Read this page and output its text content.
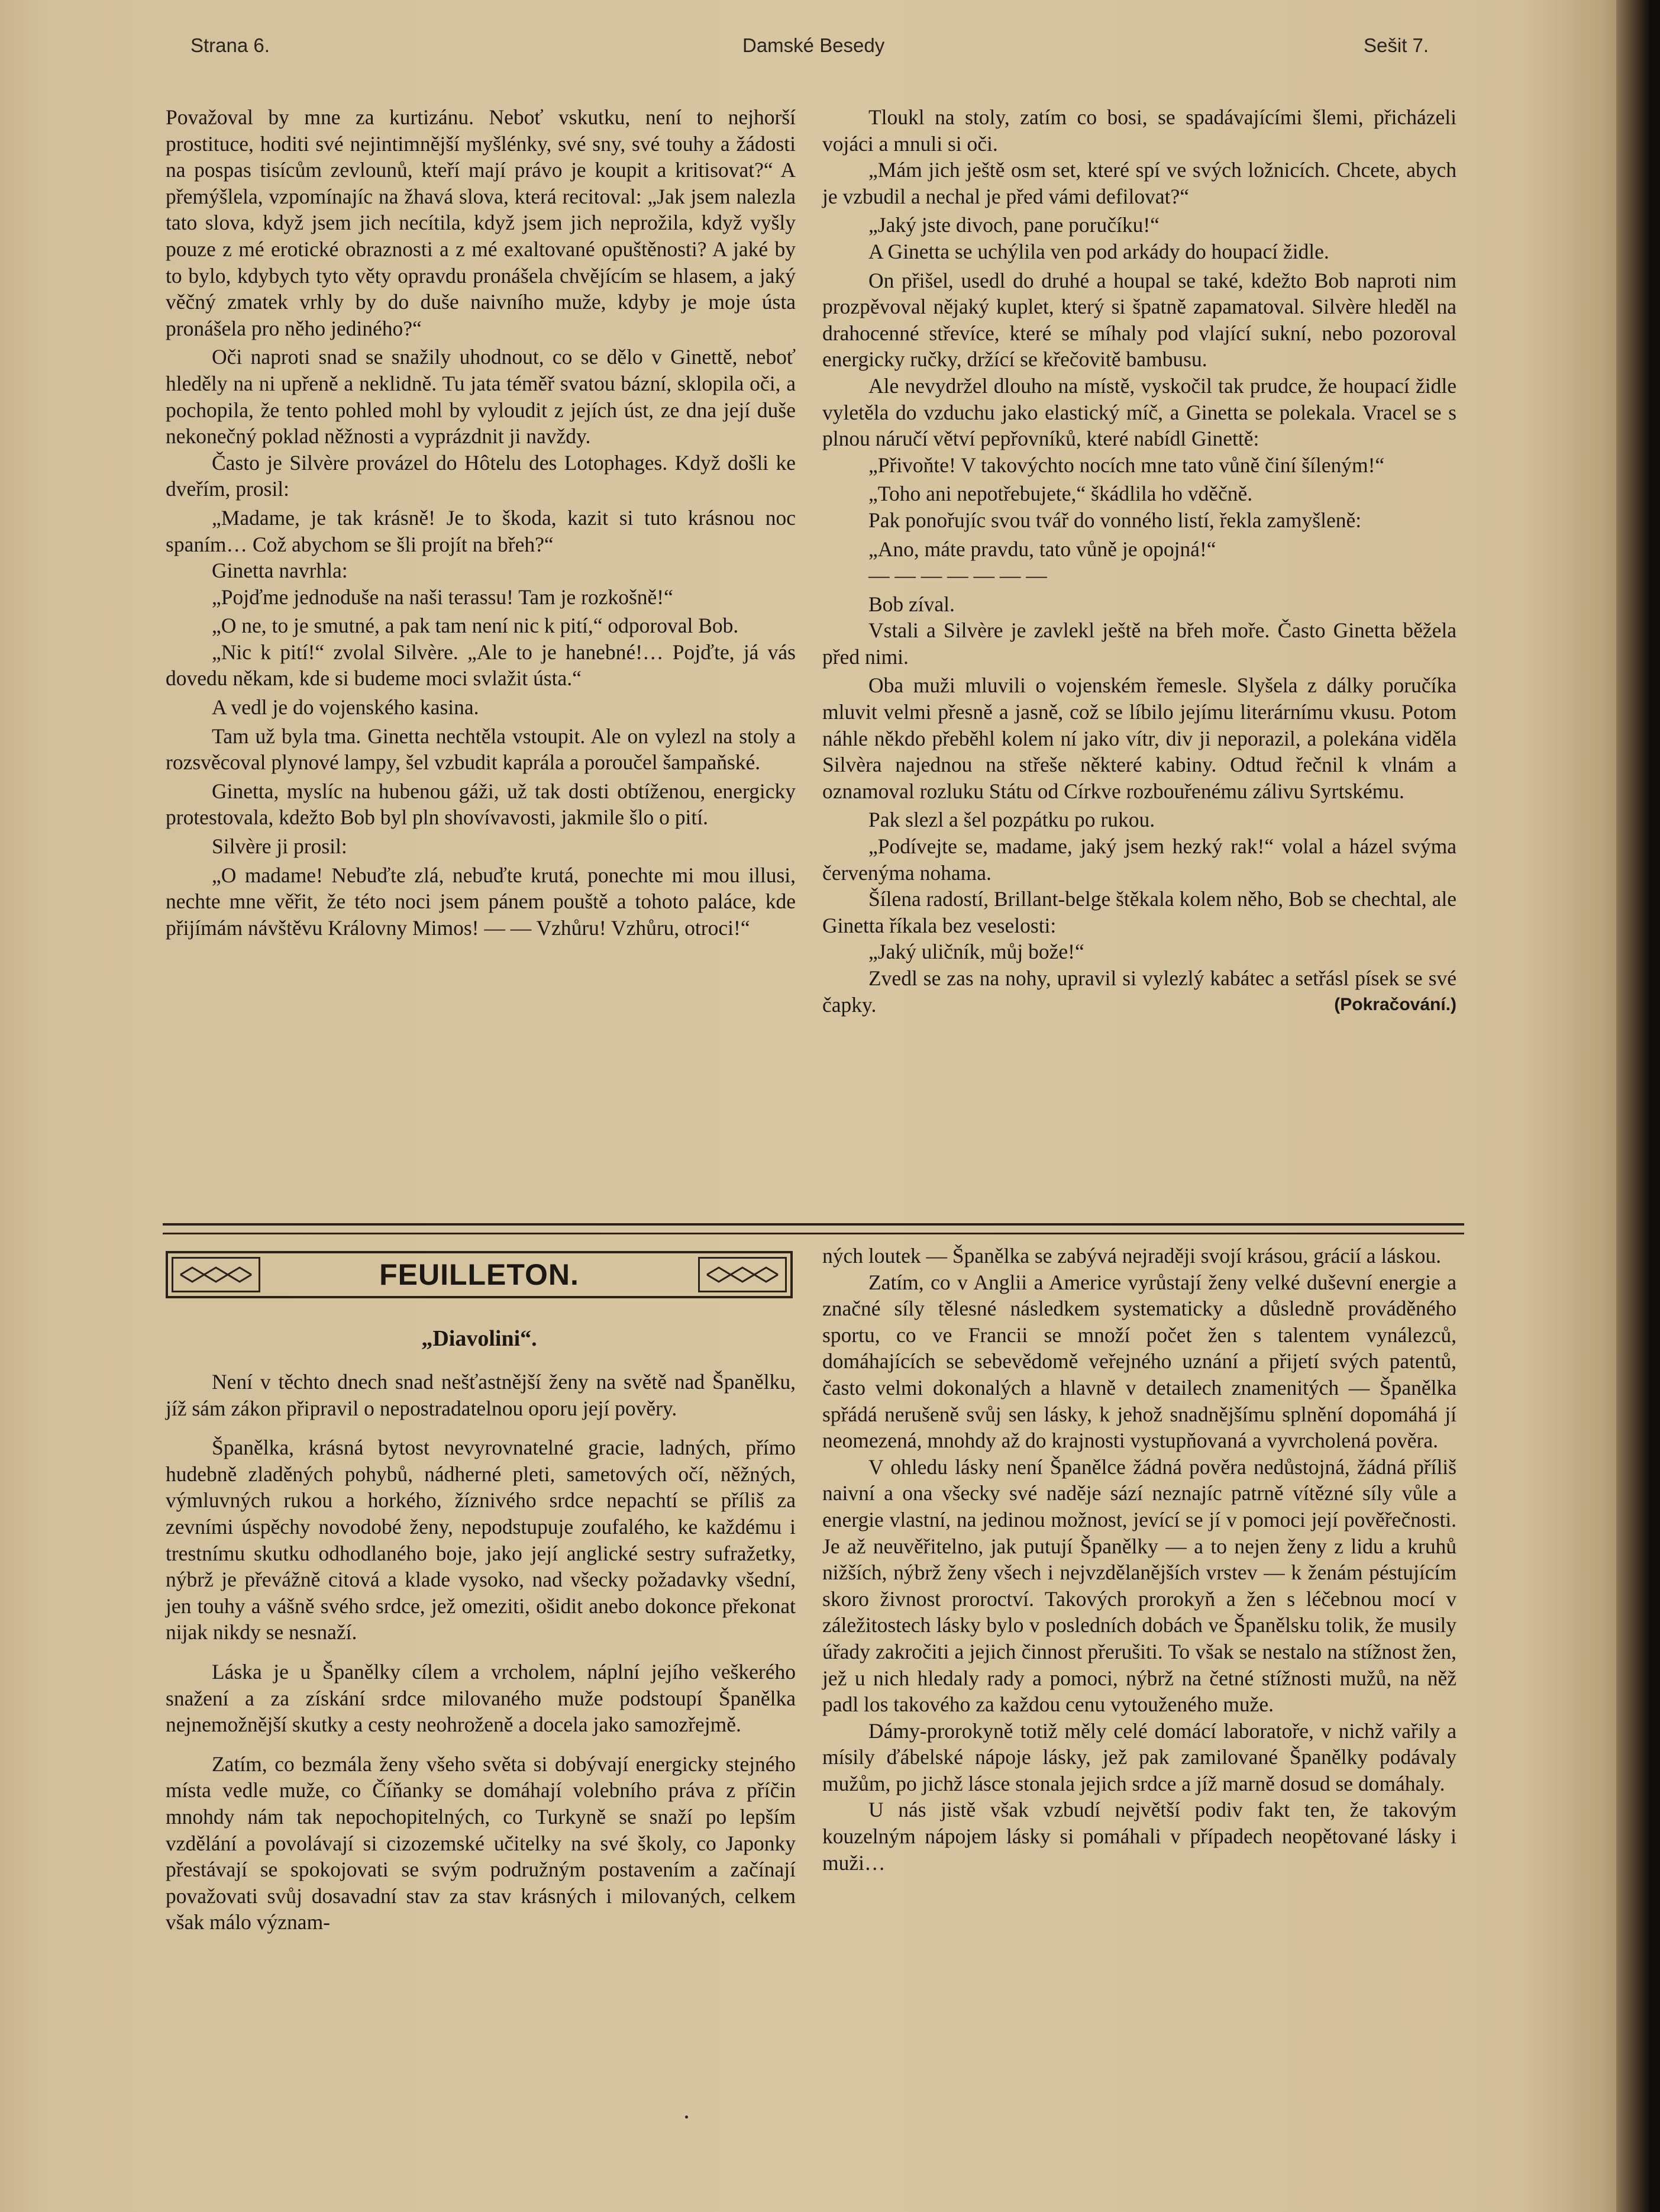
Strana 6.	Damské Besedy	Sešit 7.

Považoval by mne za kurtizánu. Neboť vskutku, není to nejhorší prostituce, hoditi své nejintimnější myšlénky, své sny, své touhy a žádosti na pospas tisícům zevlounů, kteří mají právo je koupit a kritisovat?“ A přemýšlela, vzpomínajíc na žhavá slova, která recitoval: „Jak jsem nalezla tato slova, když jsem jich necítila, když jsem jich neprožila, když vyšly pouze z mé erotické obraznosti a z mé exaltované opuštěnosti? A jaké by to bylo, kdybych tyto věty opravdu pronášela chvějícím se hlasem, a jaký věčný zmatek vrhly by do duše naivního muže, kdyby je moje ústa pronášela pro něho jediného?“

Oči naproti snad se snažily uhodnout, co se dělo v Ginettě, neboť hleděly na ni upřeně a neklidně. Tu jata téměř svatou bázní, sklopila oči, a pochopila, že tento pohled mohl by vyloudit z jejích úst, ze dna její duše nekonečný poklad něžnosti a vyprázdnit ji navždy.

Často je Silvère provázel do Hôtelu des Lotophages. Když došli ke dveřím, prosil:

„Madame, je tak krásně! Je to škoda, kazit si tuto krásnou noc spaním… Což abychom se šli projít na břeh?“

Ginetta navrhla:

„Pojďme jednoduše na naši terassu! Tam je rozkošně!“

„O ne, to je smutné, a pak tam není nic k pití,“ odporoval Bob.

„Nic k pití!“ zvolal Silvère. „Ale to je hanebné!… Pojďte, já vás dovedu někam, kde si budeme moci svlažit ústa.“

A vedl je do vojenského kasina.

Tam už byla tma. Ginetta nechtěla vstoupit. Ale on vylezl na stoly a rozsvěcoval plynové lampy, šel vzbudit kaprála a poroučel šampaňské.

Ginetta, myslíc na hubenou gáži, už tak dosti obtíženou, energicky protestovala, kdežto Bob byl pln shovívavosti, jakmile šlo o pití.

Silvère ji prosil:

„O madame! Nebuďte zlá, nebuďte krutá, ponechte mi mou illusi, nechte mne věřit, že této noci jsem pánem pouště a tohoto paláce, kde přijímám návštěvu Královny Mimos! — — Vzhůru! Vzhůru, otroci!“

Tloukl na stoly, zatím co bosi, se spadávajícími šlemi, přicházeli vojáci a mnuli si oči.

„Mám jich ještě osm set, které spí ve svých ložnicích. Chcete, abych je vzbudil a nechal je před vámi defilovat?“

„Jaký jste divoch, pane poručíku!“

A Ginetta se uchýlila ven pod arkády do houpací židle.

On přišel, usedl do druhé a houpal se také, kdežto Bob naproti nim prozpěvoval nějaký kuplet, který si špatně zapamatoval. Silvère hleděl na drahocenné střevíce, které se míhaly pod vlající sukní, nebo pozoroval energicky ručky, držící se křečovitě bambusu.

Ale nevydržel dlouho na místě, vyskočil tak prudce, že houpací židle vyletěla do vzduchu jako elastický míč, a Ginetta se polekala. Vracel se s plnou náručí větví pepřovníků, které nabídl Ginettě:

„Přivoňte! V takovýchto nocích mne tato vůně činí šíleným!“

„Toho ani nepotřebujete,“ škádlila ho vděčně.

Pak ponořujíc svou tvář do vonného listí, řekla zamyšleně:

„Ano, máte pravdu, tato vůně je opojná!“

— — — — — — —

Bob zíval.

Vstali a Silvère je zavlekl ještě na břeh moře. Často Ginetta běžela před nimi.

Oba muži mluvili o vojenském řemesle. Slyšela z dálky poručíka mluvit velmi přesně a jasně, což se líbilo jejímu literárnímu vkusu. Potom náhle někdo přeběhl kolem ní jako vítr, div ji neporazil, a polekána viděla Silvèra najednou na střeše některé kabiny. Odtud řečnil k vlnám a oznamoval rozluku Státu od Církve rozbouřenému zálivu Syrtskému.

Pak slezl a šel pozpátku po rukou.

„Podívejte se, madame, jaký jsem hezký rak!“ volal a házel svýma červenýma nohama.

Šílena radostí, Brillant-belge štěkala kolem něho, Bob se chechtal, ale Ginetta říkala bez veselosti:

„Jaký uličník, můj bože!“

Zvedl se zas na nohy, upravil si vylezlý kabátec a setřásl písek se své čapky.	(Pokračování.)

FEUILLETON.
„Diavolini“.

Není v těchto dnech snad nešťastnější ženy na světě nad Španělku, jíž sám zákon připravil o nepostradatelnou oporu její pověry.

Španělka, krásná bytost nevyrovnatelné gracie, ladných, přímo hudebně zladěných pohybů, nádherné pleti, sametových očí, něžných, výmluvných rukou a horkého, žíznivého srdce nepachtí se příliš za zevními úspěchy novodobé ženy, nepodstupuje zoufalého, ke každému i trestnímu skutku odhodlaného boje, jako její anglické sestry sufražetky, nýbrž je převážně citová a klade vysoko, nad všecky požadavky všední, jen touhy a vášně svého srdce, jež omeziti, ošidit anebo dokonce překonat nijak nikdy se nesnaží.

Láska je u Španělky cílem a vrcholem, náplní jejího veškerého snažení a za získání srdce milovaného muže podstoupí Španělka nejnemožnější skutky a cesty neohroženě a docela jako samozřejmě.

Zatím, co bezmála ženy všeho světa si dobývají energicky stejného místa vedle muže, co Číňanky se domáhají volebního práva z příčin mnohdy nám tak nepochopitelných, co Turkyně se snaží po lepším vzdělání a povolávají si cizozemské učitelky na své školy, co Japonky přestávají se spokojovati se svým podružným postavením a začínají považovati svůj dosavadní stav za stav krásných i milovaných, celkem však málo význam-

ných loutek — Španělka se zabývá nejraději svojí krásou, grácií a láskou.

Zatím, co v Anglii a Americe vyrůstají ženy velké duševní energie a značné síly tělesné následkem systematicky a důsledně prováděného sportu, co ve Francii se množí počet žen s talentem vynálezců, domáhajících se sebevědomě veřejného uznání a přijetí svých patentů, často velmi dokonalých a hlavně v detailech znamenitých — Španělka spřádá nerušeně svůj sen lásky, k jehož snadnějšímu splnění dopomáhá jí neomezená, mnohdy až do krajnosti vystupňovaná a vyvrcholená pověra.

V ohledu lásky není Španělce žádná pověra nedůstojná, žádná příliš naivní a ona všecky své naděje sází neznajíc patrně vítězné síly vůle a energie vlastní, na jedinou možnost, jevící se jí v pomoci její pověřečnosti. Je až neuvěřitelno, jak putují Španělky — a to nejen ženy z lidu a kruhů nižších, nýbrž ženy všech i nejvzdělanějších vrstev — k ženám péstujícím skoro živnost proroctví. Takových prorokyň a žen s léčebnou mocí v záležitostech lásky bylo v posledních dobách ve Španělsku tolik, že musily úřady zakročiti a jejich činnost přerušiti. To však se nestalo na stížnost žen, jež u nich hledaly rady a pomoci, nýbrž na četné stížnosti mužů, na něž padl los takového za každou cenu vytouženého muže.

Dámy-prorokyně totiž měly celé domácí laboratoře, v nichž vařily a mísily ďábelské nápoje lásky, jež pak zamilované Španělky podávaly mužům, po jichž lásce stonala jejich srdce a jíž marně dosud se domáhaly.

U nás jistě však vzbudí největší podiv fakt ten, že takovým kouzelným nápojem lásky si pomáhali v případech neopětované lásky i muži…
